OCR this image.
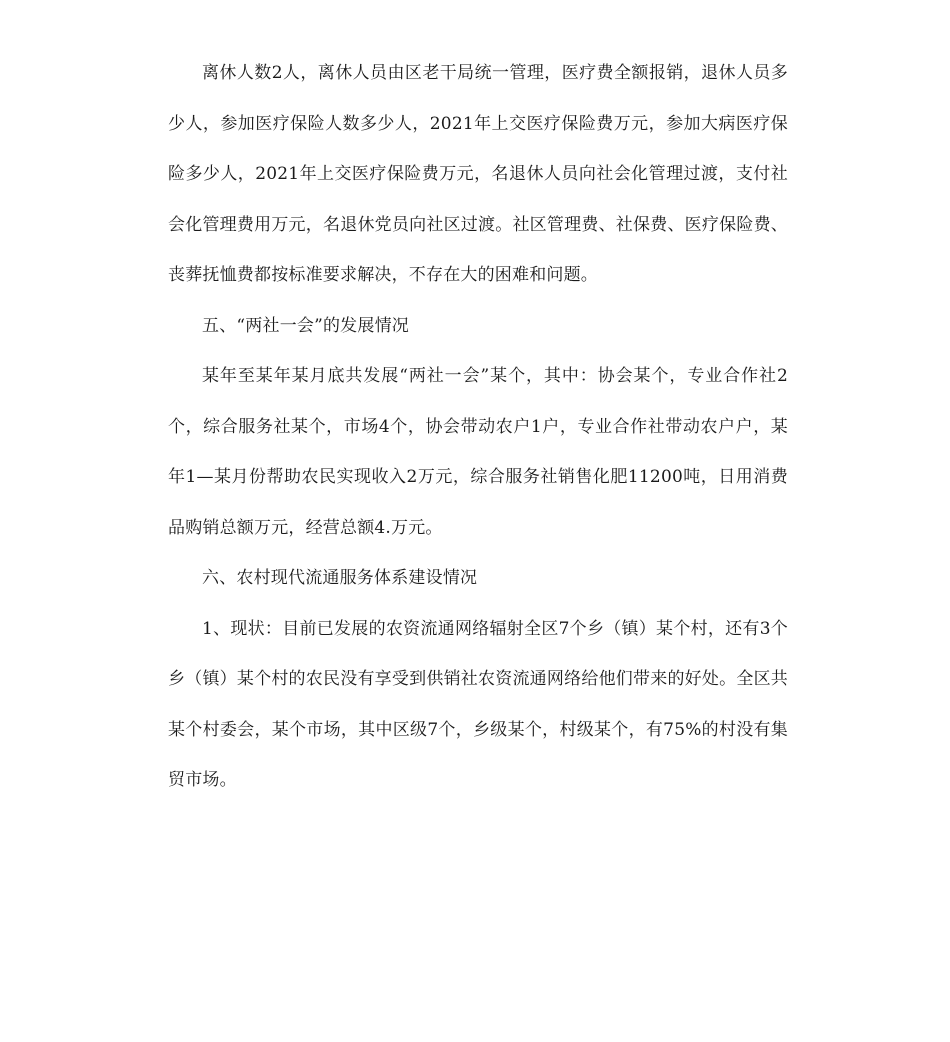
离休人数2人，离休人员由区老干局统一管理，医疗费全额报销，退休人员多少人，参加医疗保险人数多少人，2021年上交医疗保险费万元，参加大病医疗保险多少人，2021年上交医疗保险费万元，名退休人员向社会化管理过渡，支付社会化管理费用万元，名退休党员向社区过渡。社区管理费、社保费、医疗保险费、丧葬抚恤费都按标准要求解决，不存在大的困难和问题。

五、“两社一会”的发展情况

某年至某年某月底共发展“两社一会”某个，其中：协会某个，专业合作社2个，综合服务社某个，市场4个，协会带动农户1户，专业合作社带动农户户，某年1—某月份帮助农民实现收入2万元，综合服务社销售化肥11200吨，日用消费品购销总额万元，经营总额4.万元。

六、农村现代流通服务体系建设情况

1、现状：目前已发展的农资流通网络辐射全区7个乡（镇）某个村，还有3个乡（镇）某个村的农民没有享受到供销社农资流通网络给他们带来的好处。全区共某个村委会，某个市场，其中区级7个，乡级某个，村级某个，有75%的村没有集贸市场。
